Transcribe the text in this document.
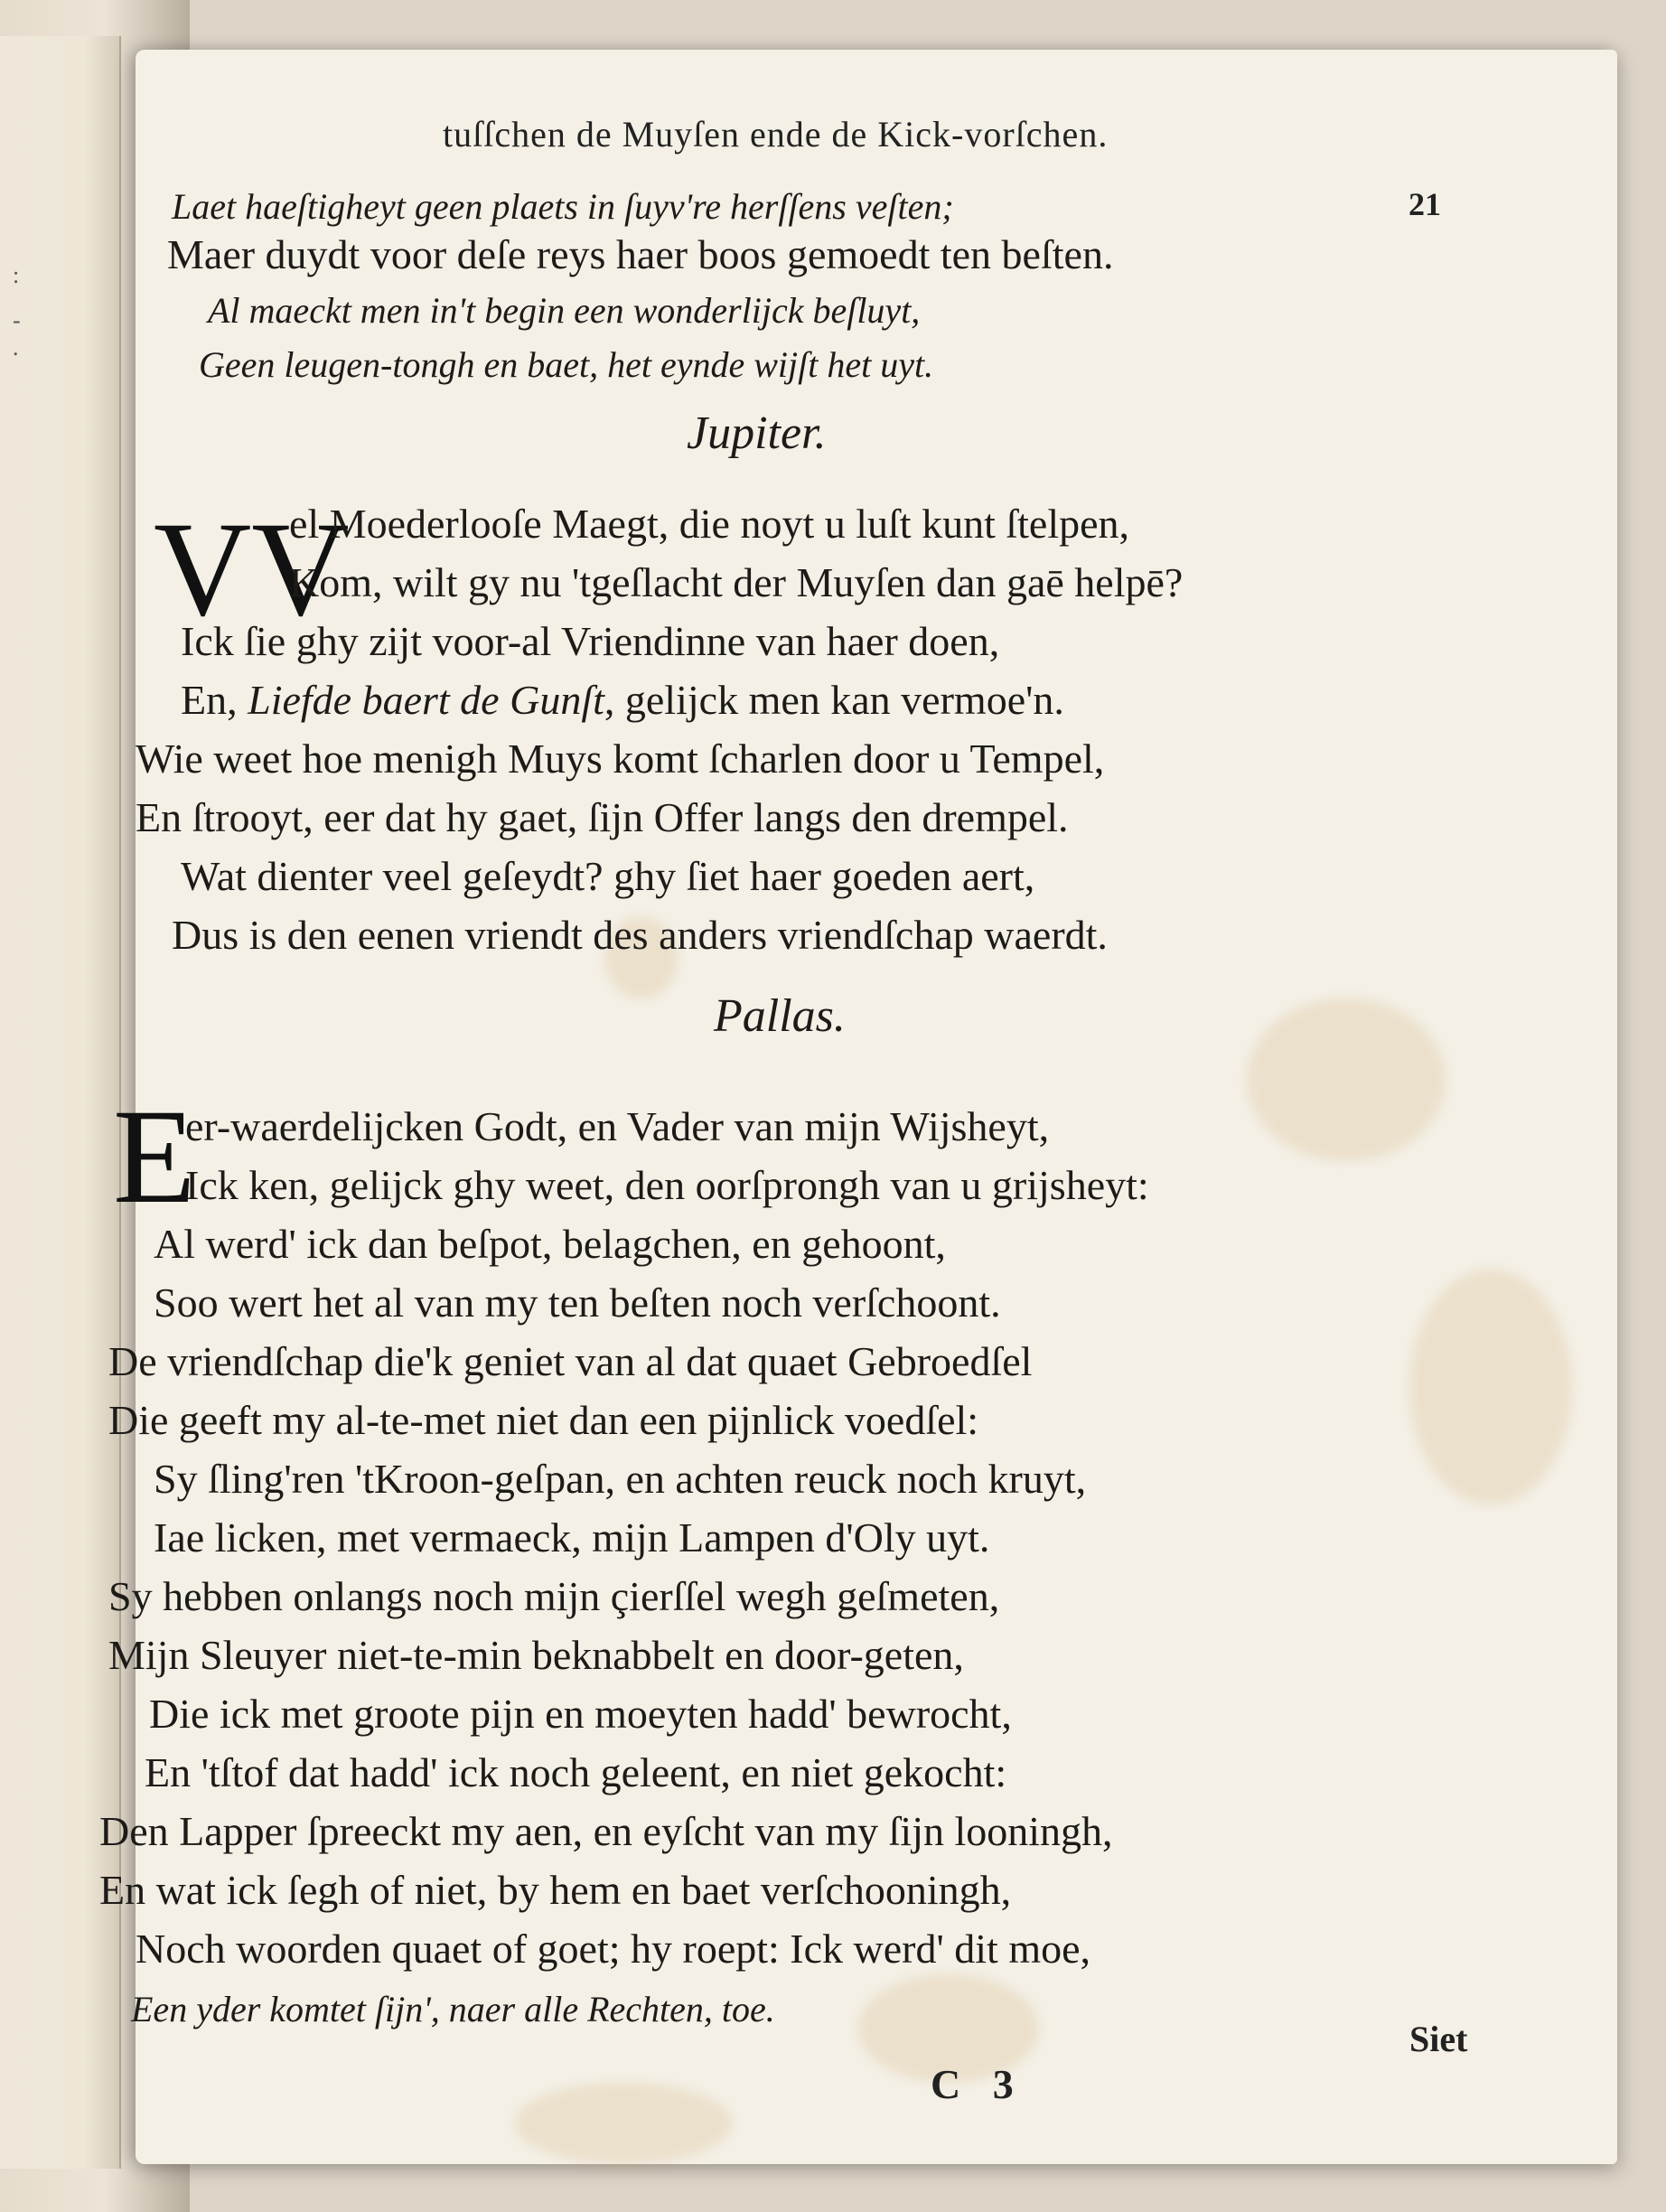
:
-
.
tuſſchen de Muyſen ende de Kick-vorſchen.
21
Laet haeſtigheyt geen plaets in ſuyv're herſſens veſten;
Maer duydt voor deſe reys haer boos gemoedt ten beſten.
Al maeckt men in't begin een wonderlijck beſluyt,
Geen leugen-tongh en baet, het eynde wijſt het uyt.
Jupiter.
VV
el Moederlooſe Maegt, die noyt u luſt kunt ſtelpen,
Kom, wilt gy nu 'tgeſlacht der Muyſen dan gaē helpē?
Ick ſie ghy zijt voor-al Vriendinne van haer doen,
En, Liefde baert de Gunſt, gelijck men kan vermoe'n.
Wie weet hoe menigh Muys komt ſcharlen door u Tempel,
En ſtrooyt, eer dat hy gaet, ſijn Offer langs den drempel.
Wat dienter veel geſeydt? ghy ſiet haer goeden aert,
Dus is den eenen vriendt des anders vriendſchap waerdt.
Pallas.
E
er-waerdelijcken Godt, en Vader van mijn Wijsheyt,
Ick ken, gelijck ghy weet, den oorſprongh van u grijsheyt:
Al werd' ick dan beſpot, belagchen, en gehoont,
Soo wert het al van my ten beſten noch verſchoont.
De vriendſchap die'k geniet van al dat quaet Gebroedſel
Die geeft my al-te-met niet dan een pijnlick voedſel:
Sy ſling'ren 'tKroon-geſpan, en achten reuck noch kruyt,
Iae licken, met vermaeck, mijn Lampen d'Oly uyt.
Sy hebben onlangs noch mijn çierſſel wegh geſmeten,
Mijn Sleuyer niet-te-min beknabbelt en door-geten,
Die ick met groote pijn en moeyten hadd' bewrocht,
En 'tſtof dat hadd' ick noch geleent, en niet gekocht:
Den Lapper ſpreeckt my aen, en eyſcht van my ſijn looningh,
En wat ick ſegh of niet, by hem en baet verſchooningh,
Noch woorden quaet of goet; hy roept: Ick werd' dit moe,
Een yder komtet ſijn', naer alle Rechten, toe.
C 3
Siet
